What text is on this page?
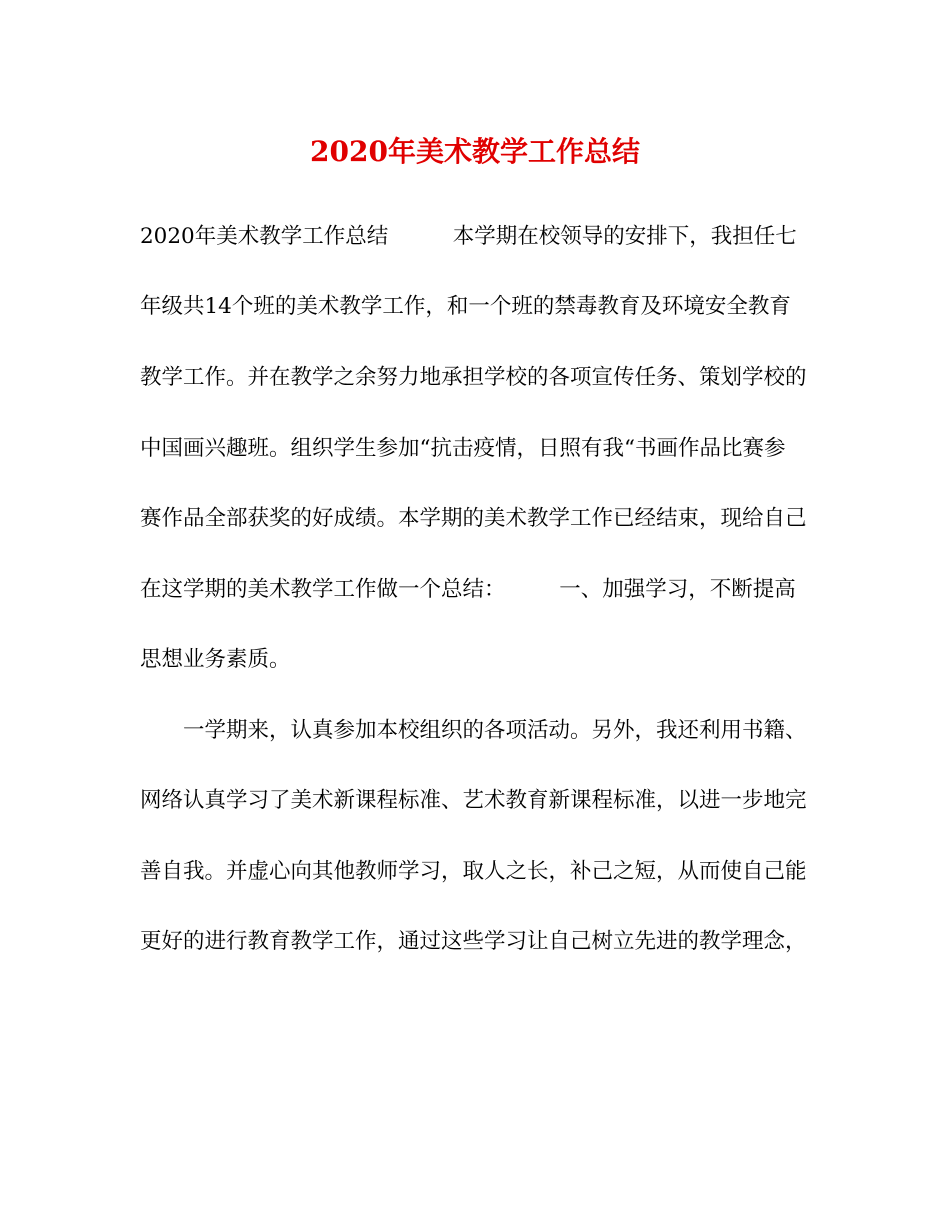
2020年美术教学工作总结
2020年美术教学工作总结　　　本学期在校领导的安排下，我担任七
年级共14个班的美术教学工作，和一个班的禁毒教育及环境安全教育
教学工作。并在教学之余努力地承担学校的各项宣传任务、策划学校的
中国画兴趣班。组织学生参加“抗击疫情，日照有我“书画作品比赛参
赛作品全部获奖的好成绩。本学期的美术教学工作已经结束，现给自己
在这学期的美术教学工作做一个总结：　　　一、加强学习，不断提高
思想业务素质。
　　一学期来，认真参加本校组织的各项活动。另外，我还利用书籍、
网络认真学习了美术新课程标准、艺术教育新课程标准，以进一步地完
善自我。并虚心向其他教师学习，取人之长，补己之短，从而使自己能
更好的进行教育教学工作，通过这些学习让自己树立先进的教学理念，
